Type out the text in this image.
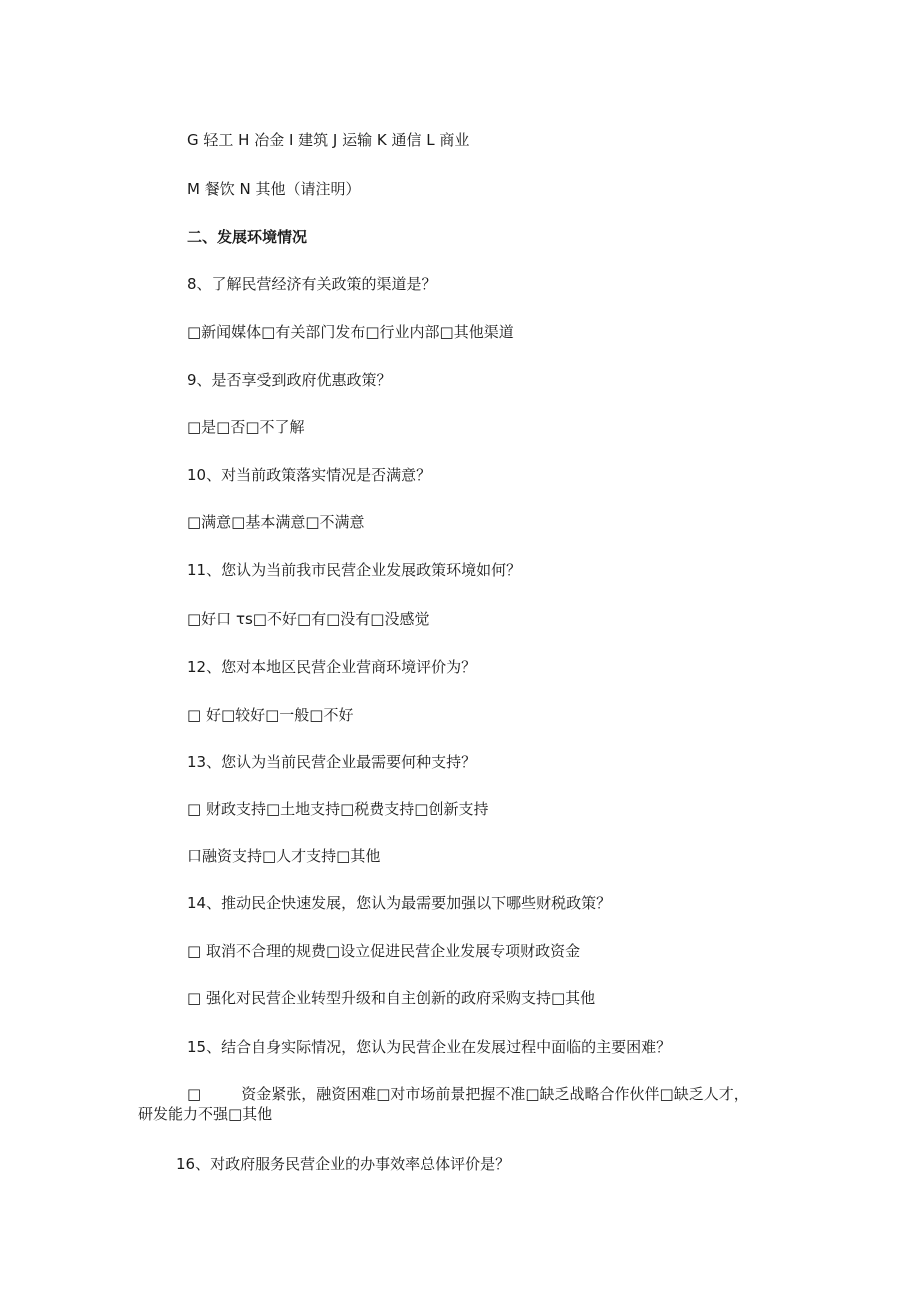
G 轻工 H 冶金 I 建筑 J 运输 K 通信 L 商业
M 餐饮 N 其他（请注明）
二、发展环境情况
8、了解民营经济有关政策的渠道是？
□新闻媒体□有关部门发布□行业内部□其他渠道
9、是否享受到政府优惠政策？
□是□否□不了解
10、对当前政策落实情况是否满意？
□满意□基本满意□不满意
11、您认为当前我市民营企业发展政策环境如何？
□好口 τs□不好□有□没有□没感觉
12、您对本地区民营企业营商环境评价为？
□ 好□较好□一般□不好
13、您认为当前民营企业最需要何种支持？
□ 财政支持□土地支持□税费支持□创新支持
口融资支持□人才支持□其他
14、推动民企快速发展，您认为最需要加强以下哪些财税政策？
□ 取消不合理的规费□设立促进民营企业发展专项财政资金
□ 强化对民营企业转型升级和自主创新的政府采购支持□其他
15、结合自身实际情况，您认为民营企业在发展过程中面临的主要困难？
□	资金紧张，融资困难□对市场前景把握不准□缺乏战略合作伙伴□缺乏人才，
研发能力不强□其他
16、对政府服务民营企业的办事效率总体评价是？
